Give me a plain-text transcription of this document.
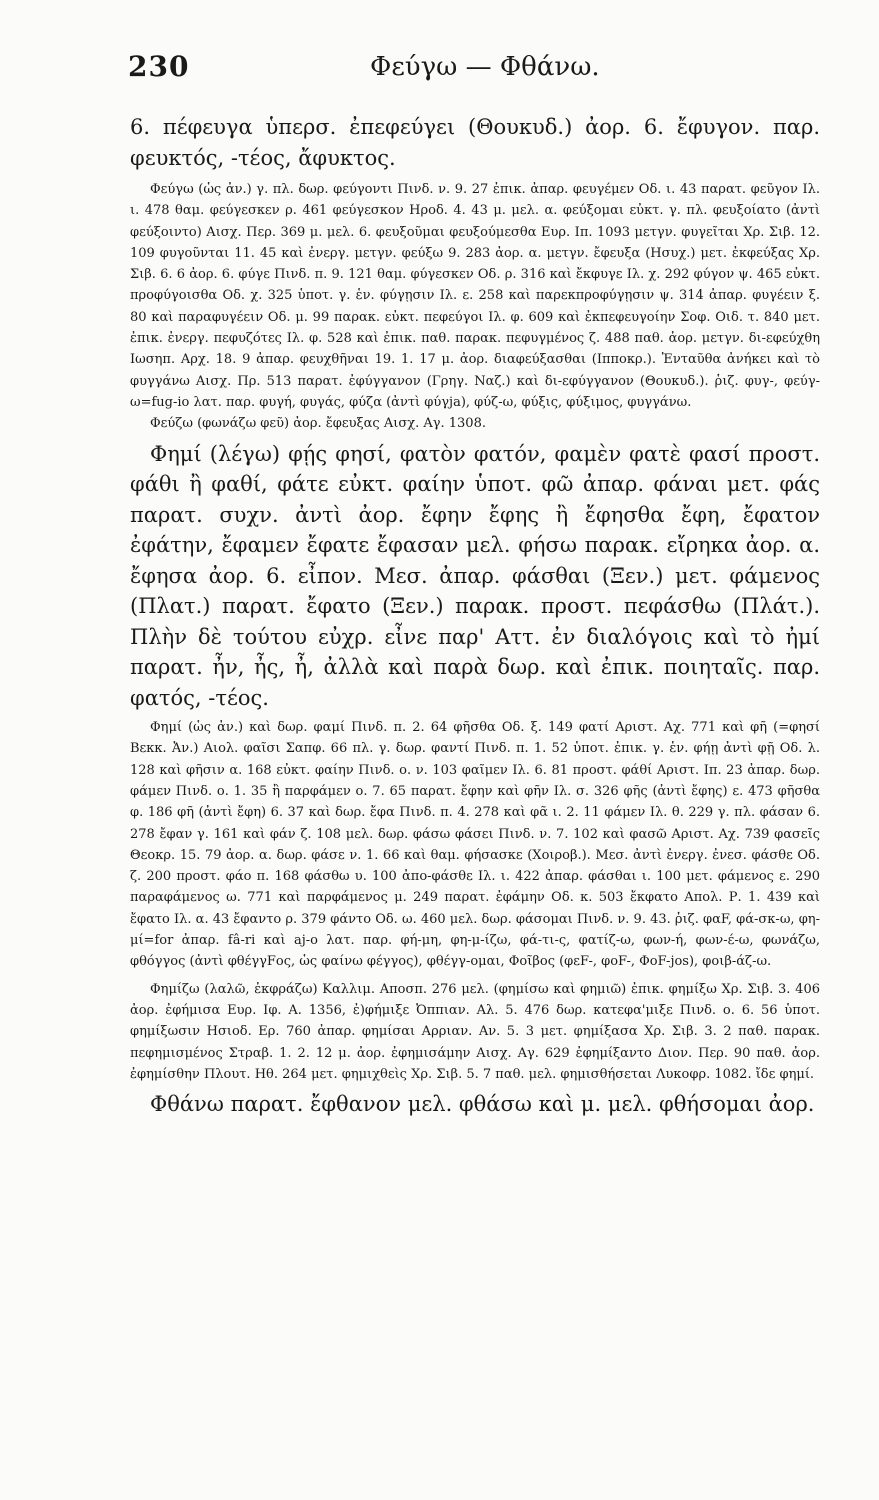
230	Φεύγω — Φθάνω.

6. πέφευγα ὑπερσ. ἐπεφεύγει (Θουκυδ.) ἀορ. 6. ἔφυγον. παρ. φευκτός, -τέος, ἄφυκτος.

Φεύγω (ὡς ἀν.) γ. πλ. δωρ. φεύγοντι Πινδ. ν. 9. 27 ἐπικ. ἀπαρ. φευγέμεν Οδ. ι. 43 παρατ. φεῦγον Ιλ. ι. 478 θαμ. φεύγεσκεν ρ. 461 φεύγεσκον Ηροδ. 4. 43 μ. μελ. α. φεύξομαι εὐκτ. γ. πλ. φευξοίατο (ἀντὶ φεύξοιντο) Αισχ. Περ. 369 μ. μελ. 6. φευξοῦμαι φευξούμεσθα Ευρ. Ιπ. 1093 μετγν. φυγεῖται Χρ. Σιβ. 12. 109 φυγοῦνται 11. 45 καὶ ἐνεργ. μετγν. φεύξω 9. 283 ἀορ. α. μετγν. ἔφευξα (Ησυχ.) μετ. ἐκφεύξας Χρ. Σιβ. 6. 6 ἀορ. 6. φύγε Πινδ. π. 9. 121 θαμ. φύγεσκεν Οδ. ρ. 316 καὶ ἔκφυγε Ιλ. χ. 292 φύγον ψ. 465 εὐκτ. προφύγοισθα Οδ. χ. 325 ὑποτ. γ. ἑν. φύγῃσιν Ιλ. ε. 258 καὶ παρεκπροφύγῃσιν ψ. 314 ἀπαρ. φυγέειν ξ. 80 καὶ παραφυγέειν Οδ. μ. 99 παρακ. εὐκτ. πεφεύγοι Ιλ. φ. 609 καὶ ἐκπεφευγοίην Σοφ. Οιδ. τ. 840 μετ. ἐπικ. ἐνεργ. πεφυζότες Ιλ. φ. 528 καὶ ἐπικ. παθ. παρακ. πεφυγμένος ζ. 488 παθ. ἀορ. μετγν. δι-εφεύχθη Ιωσηπ. Αρχ. 18. 9 ἀπαρ. φευχθῆναι 19. 1. 17 μ. ἀορ. διαφεύξασθαι (Ιπποκρ.). Ἐνταῦθα ἀνήκει καὶ τὸ φυγγάνω Αισχ. Πρ. 513 παρατ. ἐφύγγανον (Γρηγ. Ναζ.) καὶ δι-εφύγγανον (Θουκυδ.). ῥιζ. φυγ-, φεύγ-ω=fug-io λατ. παρ. φυγή, φυγάς, φύζα (ἀντὶ φύγja), φύζ-ω, φύξις, φύξιμος, φυγγάνω.

Φεύζω (φωνάζω φεῦ) ἀορ. ἔφευξας Αισχ. Αγ. 1308.

Φημί (λέγω) φῄς φησί, φατὸν φατόν, φαμὲν φατὲ φασί προστ. φάθι ἢ φαθί, φάτε εὐκτ. φαίην ὑποτ. φῶ ἀπαρ. φάναι μετ. φάς παρατ. συχν. ἀντὶ ἀορ. ἔφην ἔφης ἢ ἔφησθα ἔφη, ἔφατον ἐφάτην, ἔφαμεν ἔφατε ἔφασαν μελ. φήσω παρακ. εἴρηκα ἀορ. α. ἔφησα ἀορ. 6. εἶπον. Μεσ. ἀπαρ. φάσθαι (Ξεν.) μετ. φάμενος (Πλατ.) παρατ. ἔφατο (Ξεν.) παρακ. προστ. πεφάσθω (Πλάτ.). Πλὴν δὲ τούτου εὐχρ. εἶνε παρ' Αττ. ἐν διαλόγοις καὶ τὸ ἠμί παρατ. ἦν, ἦς, ἦ, ἀλλὰ καὶ παρὰ δωρ. καὶ ἐπικ. ποιηταῖς. παρ. φατός, -τέος.

Φημί (ὡς ἀν.) καὶ δωρ. φαμί Πινδ. π. 2. 64 φῆσθα Οδ. ξ. 149 φατί Αριστ. Αχ. 771 καὶ φῆ (=φησί Βεκκ. Ἀν.) Αιολ. φαῖσι Σαπφ. 66 πλ. γ. δωρ. φαντί Πινδ. π. 1. 52 ὑποτ. ἐπικ. γ. ἑν. φήῃ ἀντὶ φῇ Οδ. λ. 128 καὶ φῆσιν α. 168 εὐκτ. φαίην Πινδ. ο. ν. 103 φαῖμεν Ιλ. 6. 81 προστ. φάθί Αριστ. Ιπ. 23 ἀπαρ. δωρ. φάμεν Πινδ. ο. 1. 35 ἢ παρφάμεν ο. 7. 65 παρατ. ἔφην καὶ φῆν Ιλ. σ. 326 φῆς (ἀντὶ ἔφης) ε. 473 φῆσθα φ. 186 φῆ (ἀντὶ ἔφη) 6. 37 καὶ δωρ. ἔφα Πινδ. π. 4. 278 καὶ φᾶ ι. 2. 11 φάμεν Ιλ. θ. 229 γ. πλ. φάσαν 6. 278 ἔφαν γ. 161 καὶ φάν ζ. 108 μελ. δωρ. φάσω φάσει Πινδ. ν. 7. 102 καὶ φασῶ Αριστ. Αχ. 739 φασεῖς Θεοκρ. 15. 79 ἀορ. α. δωρ. φάσε ν. 1. 66 καὶ θαμ. φήσασκε (Χοιροβ.). Μεσ. ἀντὶ ἐνεργ. ἐνεσ. φάσθε Οδ. ζ. 200 προστ. φάο π. 168 φάσθω υ. 100 ἀπο-φάσθε Ιλ. ι. 422 ἀπαρ. φάσθαι ι. 100 μετ. φάμενος ε. 290 παραφάμενος ω. 771 καὶ παρφάμενος μ. 249 παρατ. ἐφάμην Οδ. κ. 503 ἔκφατο Απολ. Ρ. 1. 439 καὶ ἔφατο Ιλ. α. 43 ἔφαντο ρ. 379 φάντο Οδ. ω. 460 μελ. δωρ. φάσομαι Πινδ. ν. 9. 43. ῥιζ. φαF, φά-σκ-ω, φη-μί=for ἀπαρ. fâ-ri καὶ aj-o λατ. παρ. φή-μη, φη-μ-ίζω, φά-τι-ς, φατίζ-ω, φων-ή, φων-έ-ω, φωνάζω, φθόγγος (ἀντὶ φθέγγFος, ὡς φαίνω φέγγος), φθέγγ-ομαι, Φοῖβος (φεF-, φοF-, ΦoF-jos), φοιβ-άζ-ω.

Φημίζω (λαλῶ, ἐκφράζω) Καλλιμ. Αποσπ. 276 μελ. (φημίσω καὶ φημιῶ) ἐπικ. φημίξω Χρ. Σιβ. 3. 406 ἀορ. ἐφήμισα Ευρ. Ιφ. Α. 1356, ἐ)φήμιξε Ὀππιαν. Αλ. 5. 476 δωρ. κατεφα'μιξε Πινδ. ο. 6. 56 ὑποτ. φημίξωσιν Ησιοδ. Ερ. 760 ἀπαρ. φημίσαι Αρριαν. Αν. 5. 3 μετ. φημίξασα Χρ. Σιβ. 3. 2 παθ. παρακ. πεφημισμένος Στραβ. 1. 2. 12 μ. ἀορ. ἐφημισάμην Αισχ. Αγ. 629 ἐφημίξαντο Διον. Περ. 90 παθ. ἀορ. ἐφημίσθην Πλουτ. Ηθ. 264 μετ. φημιχθεὶς Χρ. Σιβ. 5. 7 παθ. μελ. φημισθήσεται Λυκοφρ. 1082. ἴδε φημί.

Φθάνω παρατ. ἔφθανον μελ. φθάσω καὶ μ. μελ. φθήσομαι ἀορ.
